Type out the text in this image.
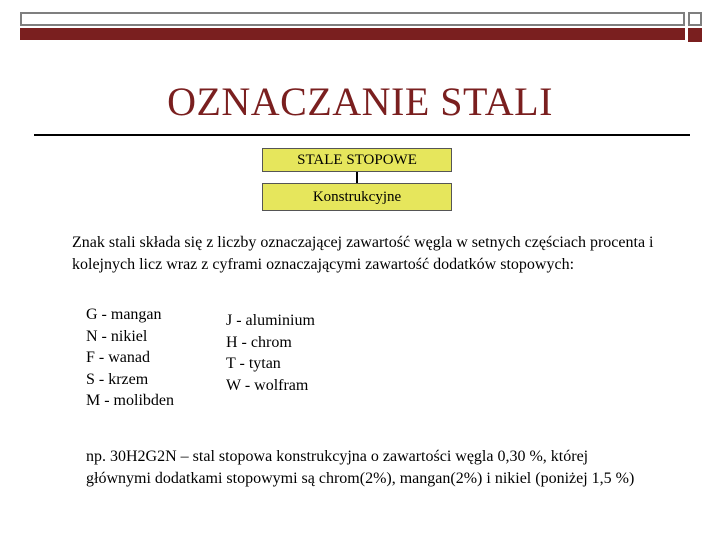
OZNACZANIE STALI
STALE STOPOWE
Konstrukcyjne
Znak stali składa się z liczby oznaczającej zawartość węgla w setnych częściach procenta i kolejnych licz wraz z cyframi oznaczającymi zawartość dodatków stopowych:
G - mangan
N - nikiel
F - wanad
S - krzem
M - molibden
J - aluminium
H - chrom
T - tytan
W - wolfram
np. 30H2G2N – stal stopowa konstrukcyjna o zawartości węgla 0,30 %, której głównymi dodatkami stopowymi są chrom(2%), mangan(2%) i nikiel (poniżej 1,5 %)
